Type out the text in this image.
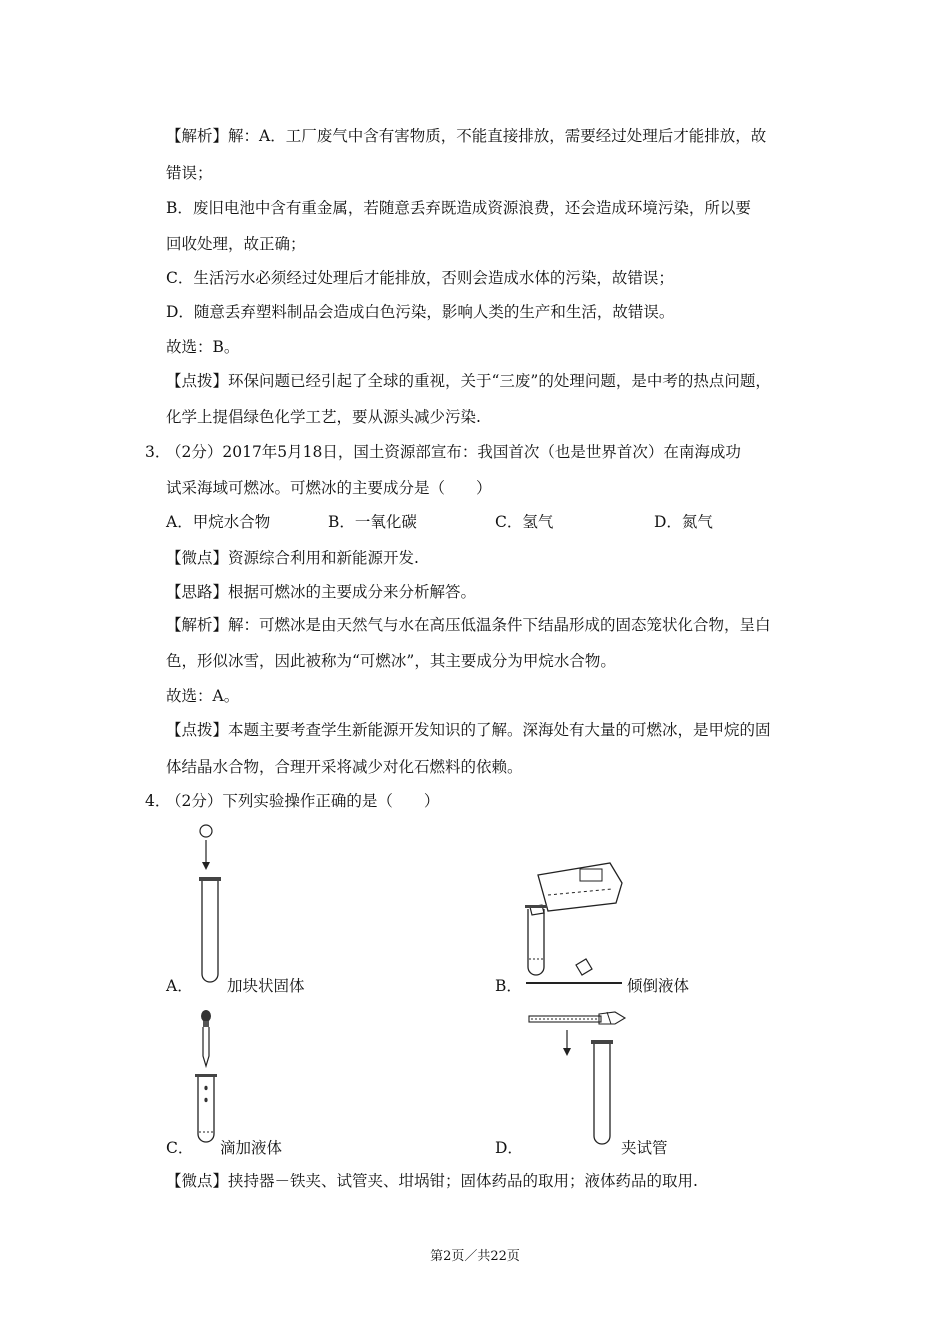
【解析】解：A．工厂废气中含有害物质，不能直接排放，需要经过处理后才能排放，故
错误；
B．废旧电池中含有重金属，若随意丢弃既造成资源浪费，还会造成环境污染，所以要
回收处理，故正确；
C．生活污水必须经过处理后才能排放，否则会造成水体的污染，故错误；
D．随意丢弃塑料制品会造成白色污染，影响人类的生产和生活，故错误。
故选：B。
【点拨】环保问题已经引起了全球的重视，关于“三废”的处理问题，是中考的热点问题，
化学上提倡绿色化学工艺，要从源头减少污染.
3．
（2分）2017年5月18日，国土资源部宣布：我国首次（也是世界首次）在南海成功
试采海域可燃冰。可燃冰的主要成分是（　　）
A．甲烷水合物	B．一氧化碳	C．氢气	D．氮气
【微点】资源综合利用和新能源开发.
【思路】根据可燃冰的主要成分来分析解答。
【解析】解：可燃冰是由天然气与水在高压低温条件下结晶形成的固态笼状化合物，呈白
色，形似冰雪，因此被称为“可燃冰”，其主要成分为甲烷水合物。
故选：A。
【点拨】本题主要考查学生新能源开发知识的了解。深海处有大量的可燃冰，是甲烷的固
体结晶水合物，合理开采将减少对化石燃料的依赖。
4．
（2分）下列实验操作正确的是（　　）
A． 加块状固体	B．	倾倒液体
C． 滴加液体	D．	夹试管
【微点】挟持器－铁夹、试管夹、坩埚钳；固体药品的取用；液体药品的取用.
第2页／共22页
